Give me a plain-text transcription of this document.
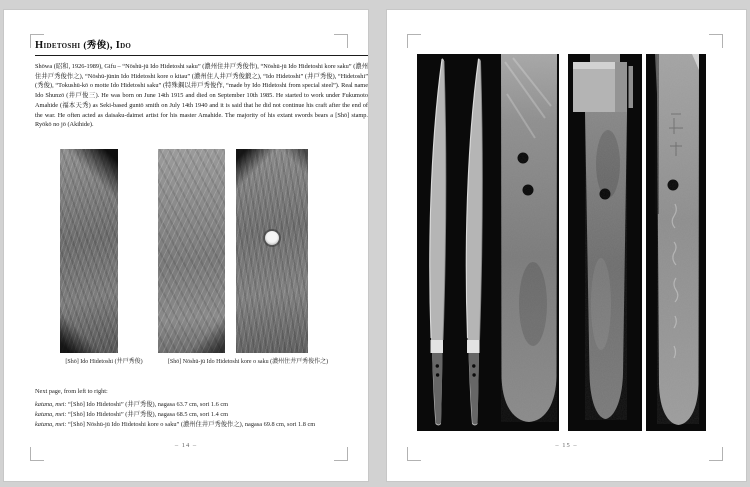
Hidetoshi (秀俊), Ido
Shōwa (昭和, 1926-1989), Gifu – “Nōshū-jū Ido Hidetoshi saku” (濃州住井戸秀俊作), “Nōshū-jū Ido Hidetoshi kore saku” (濃州住井戸秀俊作之), “Nōshū-jūnin Ido Hidetoshi kore o kitau” (濃州住人井戸秀俊鍛之), “Ido Hidetoshi” (井戸秀俊), “Hidetoshi” (秀俊), “Tokushū-kō o motte Ido Hidetoshi saku” (特殊鋼以井戸秀俊作, “made by Ido Hidetoshi from special steel”). Real name Ido Shunzō (井戸俊三). He was born on June 14th 1915 and died on September 10th 1985. He started to work under Fukumoto Amahide (福本天秀) as Seki-based guntō smith on July 14th 1940 and it is said that he did not continue his craft after the end of the war. He often acted as daisaku-daimei artist for his master Amahide. The majority of his extant swords bears a [Shō] stamp. Ryōkō no jō (Akihide).
[Shō] Ido Hidetoshi (井戸秀俊)	[Shō] Nōshū-jū Ido Hidetoshi kore o saku (濃州住井戸秀俊作之)
Next page, from left to right:
katana, mei: “[Shō] Ido Hidetoshi” (井戸秀俊), nagasa 63.7 cm, sori 1.6 cm
katana, mei: “[Shō] Ido Hidetoshi” (井戸秀俊), nagasa 68.5 cm, sori 1.4 cm
katana, mei: “[Shō] Nōshū-jū Ido Hidetoshi kore o saku” (濃州住井戸秀俊作之), nagasa 69.8 cm, sori 1.8 cm
– 14 –	– 15 –
